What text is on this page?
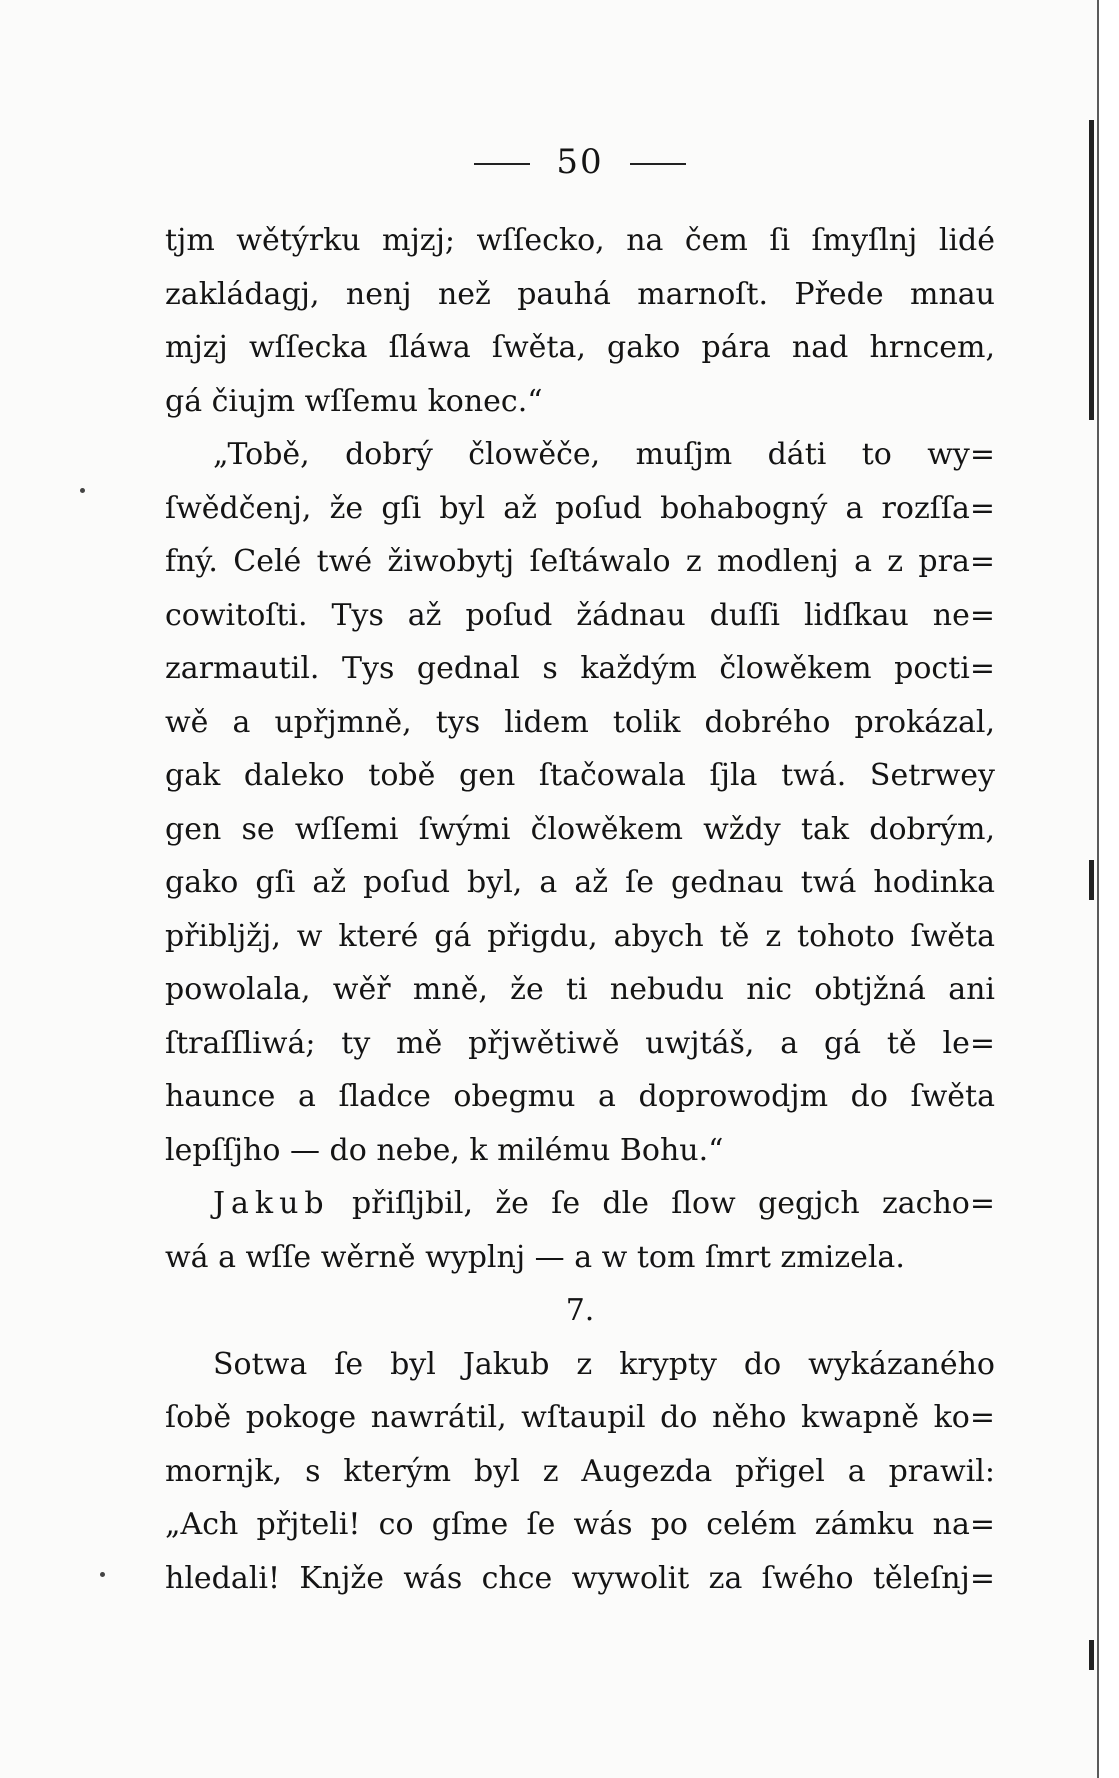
50
tjm wětýrku mjzj; wſſecko, na čem ſi ſmyſlnj lidé
zakládagj, nenj než pauhá marnoſt. Přede mnau
mjzj wſſecka ſláwa ſwěta, gako pára nad hrncem,
gá čiujm wſſemu konec.“
„Tobě, dobrý člowěče, muſjm dáti to wy=
ſwědčenj, že gſi byl až poſud bohabogný a rozſſa=
fný. Celé twé žiwobytj ſeſtáwalo z modlenj a z pra=
cowitoſti. Tys až poſud žádnau duſſi lidſkau ne=
zarmautil. Tys gednal s každým člowěkem pocti=
wě a upřjmně, tys lidem tolik dobrého prokázal,
gak daleko tobě gen ſtačowala ſjla twá. Setrwey
gen se wſſemi ſwými člowěkem wždy tak dobrým,
gako gſi až poſud byl, a až ſe gednau twá hodinka
přibljžj, w které gá přigdu, abych tě z tohoto ſwěta
powolala, wěř mně, že ti nebudu nic obtjžná ani
ſtraſſliwá; ty mě přjwětiwě uwjtáš, a gá tě le=
haunce a ſladce obegmu a doprowodjm do ſwěta
lepſſjho — do nebe, k milému Bohu.“
Jakub přiſljbil, že ſe dle ſlow gegjch zacho=
wá a wſſe wěrně wyplnj — a w tom ſmrt zmizela.
7.
Sotwa ſe byl Jakub z krypty do wykázaného
ſobě pokoge nawrátil, wſtaupil do něho kwapně ko=
mornjk, s kterým byl z Augezda přigel a prawil:
„Ach přjteli! co gſme ſe wás po celém zámku na=
hledali! Knjže wás chce wywolit za ſwého těleſnj=
